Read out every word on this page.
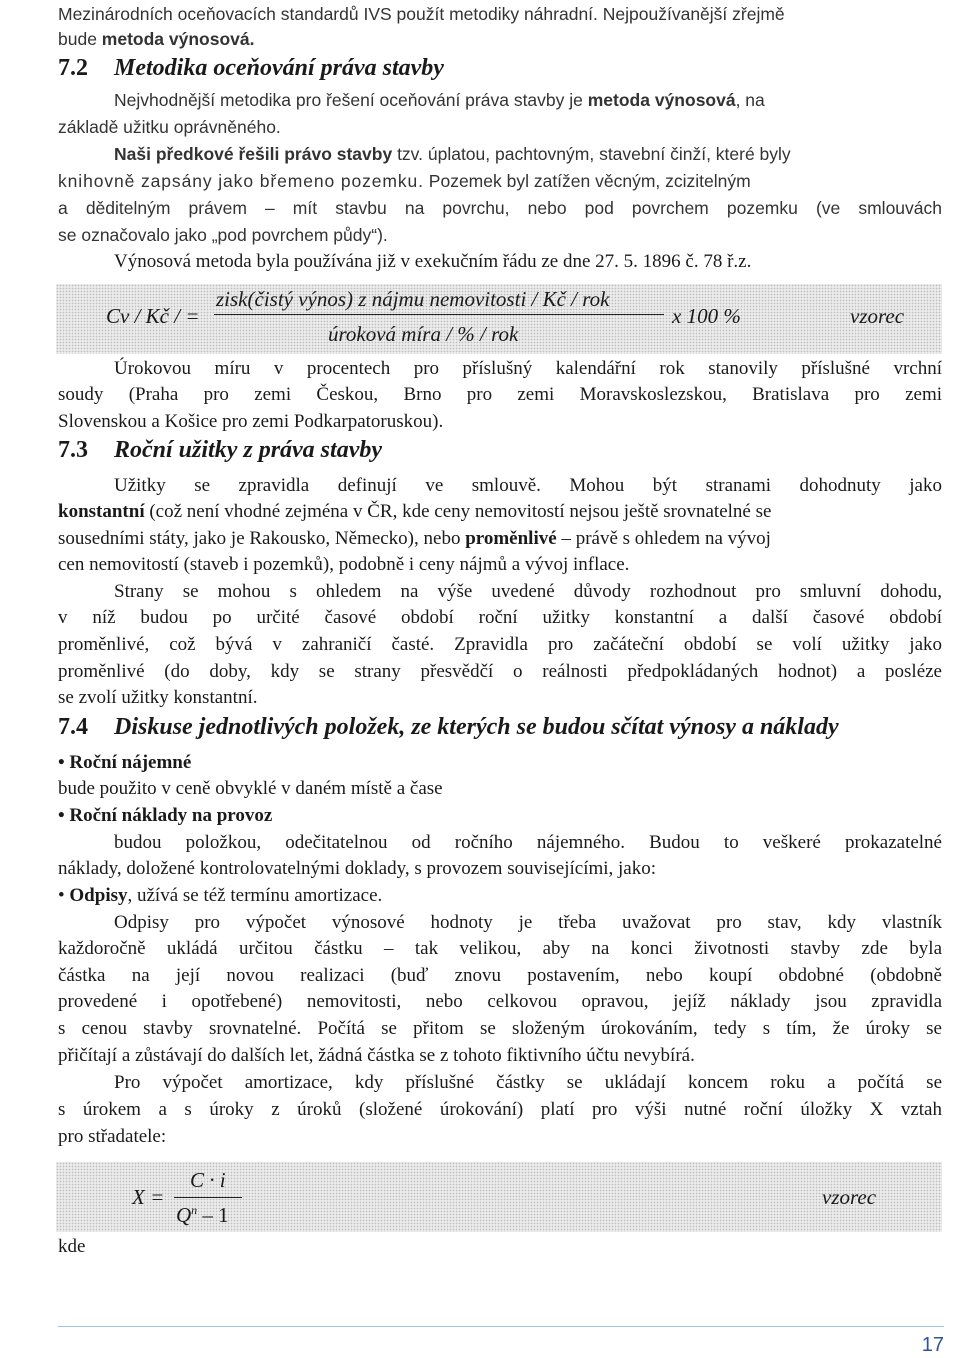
Mezinárodních oceňovacích standardů IVS použít metodiky náhradní. Nejpoužívanější zřejmě
bude metoda výnosová.
7.2 Metodika oceňování práva stavby
Nejvhodnější metodika pro řešení oceňování práva stavby je metoda výnosová, na
základě užitku oprávněného.
Naši předkové řešili právo stavby tzv. úplatou, pachtovným, stavební činží, které byly
knihovně zapsány jako břemeno pozemku. Pozemek byl zatížen věcným, zcizitelným
a děditelným právem – mít stavbu na povrchu, nebo pod povrchem pozemku (ve smlouvách
se označovalo jako „pod povrchem půdy“).
Výnosová metoda byla používána již v exekučním řádu ze dne 27. 5. 1896 č. 78 ř.z.
Cv / Kč / =
zisk(čistý výnos) z nájmu nemovitosti / Kč / rok
úroková míra / % / rok
x 100 %	vzorec
Úrokovou míru v procentech pro příslušný kalendářní rok stanovily příslušné vrchní
soudy (Praha pro zemi Českou, Brno pro zemi Moravskoslezskou, Bratislava pro zemi
Slovenskou a Košice pro zemi Podkarpatoruskou).
7.3 Roční užitky z práva stavby
Užitky se zpravidla definují ve smlouvě. Mohou být stranami dohodnuty jako
konstantní (což není vhodné zejména v ČR, kde ceny nemovitostí nejsou ještě srovnatelné se
sousedními státy, jako je Rakousko, Německo), nebo proměnlivé – právě s ohledem na vývoj
cen nemovitostí (staveb i pozemků), podobně i ceny nájmů a vývoj inflace.
Strany se mohou s ohledem na výše uvedené důvody rozhodnout pro smluvní dohodu,
v níž budou po určité časové období roční užitky konstantní a další časové období
proměnlivé, což bývá v zahraničí časté. Zpravidla pro začáteční období se volí užitky jako
proměnlivé (do doby, kdy se strany přesvědčí o reálnosti předpokládaných hodnot) a posléze
se zvolí užitky konstantní.
7.4 Diskuse jednotlivých položek, ze kterých se budou sčítat výnosy a náklady
• Roční nájemné
bude použito v ceně obvyklé v daném místě a čase
• Roční náklady na provoz
budou položkou, odečitatelnou od ročního nájemného. Budou to veškeré prokazatelné
náklady, doložené kontrolovatelnými doklady, s provozem souvisejícími, jako:
• Odpisy, užívá se též termínu amortizace.
Odpisy pro výpočet výnosové hodnoty je třeba uvažovat pro stav, kdy vlastník
každoročně ukládá určitou částku – tak velikou, aby na konci životnosti stavby zde byla
částka na její novou realizaci (buď znovu postavením, nebo koupí obdobné (obdobně
provedené i opotřebené) nemovitosti, nebo celkovou opravou, jejíž náklady jsou zpravidla
s cenou stavby srovnatelné. Počítá se přitom se složeným úrokováním, tedy s tím, že úroky se
přičítají a zůstávají do dalších let, žádná částka se z tohoto fiktivního účtu nevybírá.
Pro výpočet amortizace, kdy příslušné částky se ukládají koncem roku a počítá se
s úrokem a s úroky z úroků (složené úrokování) platí pro výši nutné roční úložky X vztah
pro střadatele:
X =
C · i
$Q^n - 1$
vzorec
kde
17
